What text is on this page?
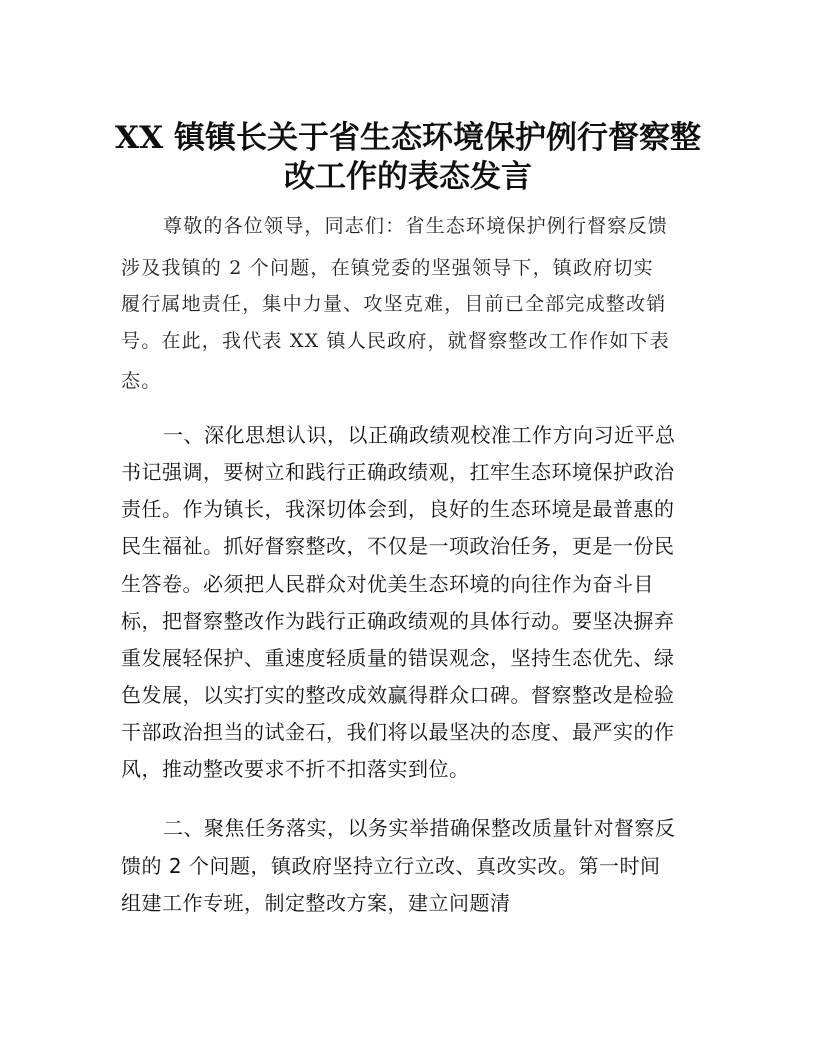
XX 镇镇长关于省生态环境保护例行督察整
改工作的表态发言

尊敬的各位领导，同志们：省生态环境保护例行督察反馈

涉及我镇的 2 个问题，在镇党委的坚强领导下，镇政府切实

履行属地责任，集中力量、攻坚克难，目前已全部完成整改销

号。在此，我代表 XX 镇人民政府，就督察整改工作作如下表

态。

一、深化思想认识，以正确政绩观校准工作方向习近平总

书记强调，要树立和践行正确政绩观，扛牢生态环境保护政治

责任。作为镇长，我深切体会到，良好的生态环境是最普惠的

民生福祉。抓好督察整改，不仅是一项政治任务，更是一份民

生答卷。必须把人民群众对优美生态环境的向往作为奋斗目

标，把督察整改作为践行正确政绩观的具体行动。要坚决摒弃

重发展轻保护、重速度轻质量的错误观念，坚持生态优先、绿

色发展，以实打实的整改成效赢得群众口碑。督察整改是检验

干部政治担当的试金石，我们将以最坚决的态度、最严实的作

风，推动整改要求不折不扣落实到位。

二、聚焦任务落实，以务实举措确保整改质量针对督察反

馈的 2 个问题，镇政府坚持立行立改、真改实改。第一时间

组建工作专班，制定整改方案，建立问题清
